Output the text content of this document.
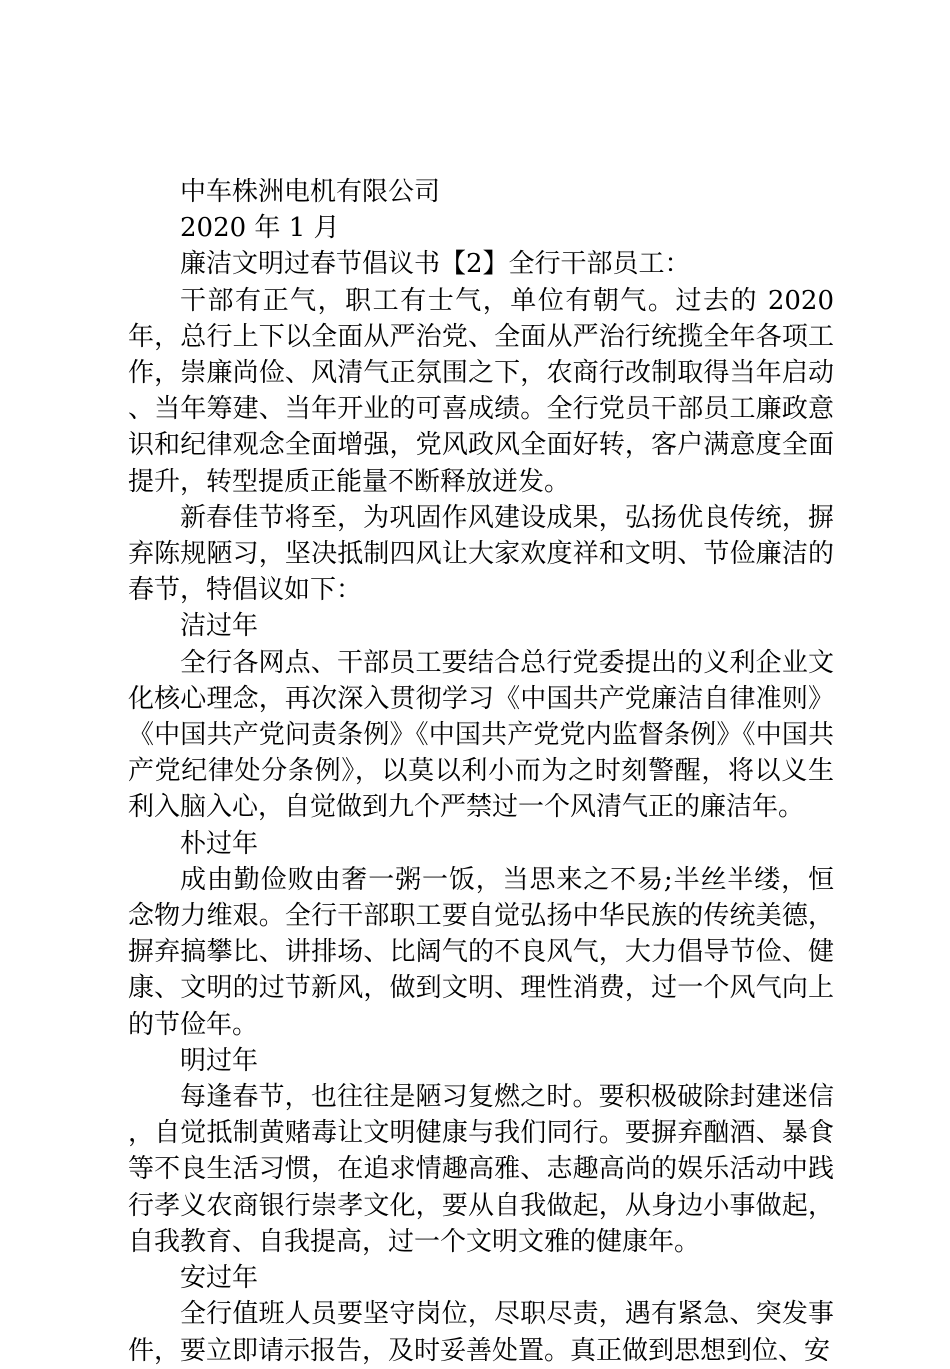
中车株洲电机有限公司

2020 年 1 月

廉洁文明过春节倡议书【2】全行干部员工：

干部有正气，职工有士气，单位有朝气。过去的 2020 年，总行上下以全面从严治党、全面从严治行统揽全年各项工作，崇廉尚俭、风清气正氛围之下，农商行改制取得当年启动、当年筹建、当年开业的可喜成绩。全行党员干部员工廉政意识和纪律观念全面增强，党风政风全面好转，客户满意度全面提升，转型提质正能量不断释放迸发。

新春佳节将至，为巩固作风建设成果，弘扬优良传统，摒弃陈规陋习，坚决抵制四风让大家欢度祥和文明、节俭廉洁的春节，特倡议如下：

洁过年

全行各网点、干部员工要结合总行党委提出的义利企业文化核心理念，再次深入贯彻学习《中国共产党廉洁自律准则》《中国共产党问责条例》《中国共产党党内监督条例》《中国共产党纪律处分条例》，以莫以利小而为之时刻警醒，将以义生利入脑入心，自觉做到九个严禁过一个风清气正的廉洁年。

朴过年

成由勤俭败由奢一粥一饭，当思来之不易;半丝半缕，恒念物力维艰。全行干部职工要自觉弘扬中华民族的传统美德，摒弃搞攀比、讲排场、比阔气的不良风气，大力倡导节俭、健康、文明的过节新风，做到文明、理性消费，过一个风气向上的节俭年。

明过年

每逢春节，也往往是陋习复燃之时。要积极破除封建迷信，自觉抵制黄赌毒让文明健康与我们同行。要摒弃酗酒、暴食等不良生活习惯，在追求情趣高雅、志趣高尚的娱乐活动中践行孝义农商银行崇孝文化，要从自我做起，从身边小事做起，自我教育、自我提高，过一个文明文雅的健康年。

安过年

全行值班人员要坚守岗位，尽职尽责，遇有紧急、突发事件，要立即请示报告，及时妥善处置。真正做到思想到位、安
